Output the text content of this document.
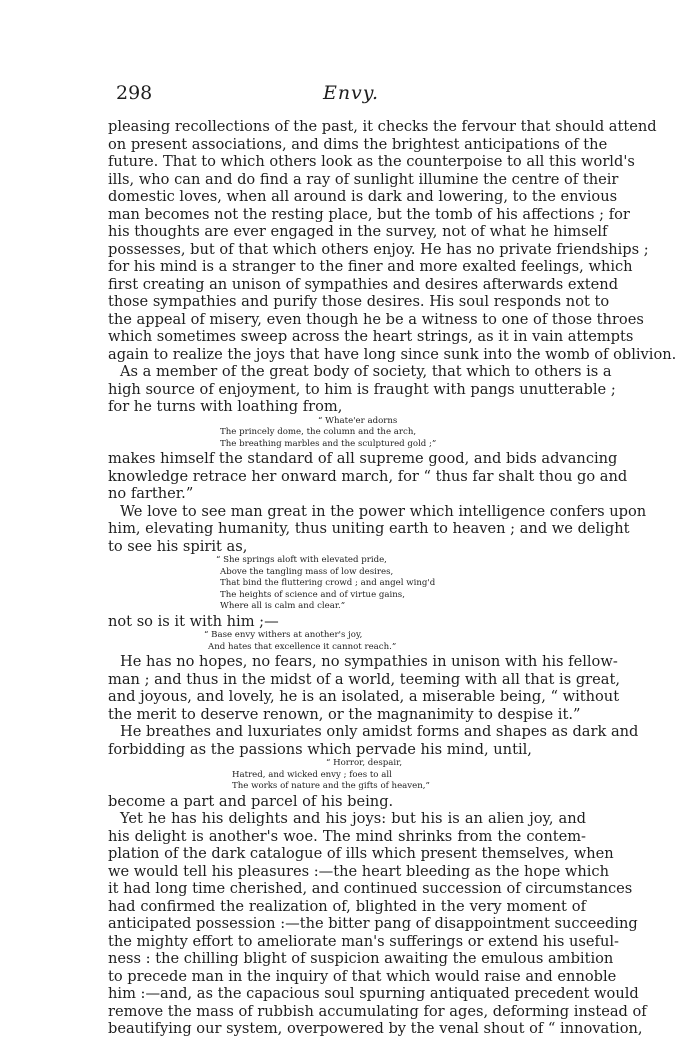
298	Envy.
pleasing recollections of the past, it checks the fervour that should attend
on present associations, and dims the brightest anticipations of the
future. That to which others look as the counterpoise to all this world's
ills, who can and do find a ray of sunlight illumine the centre of their
domestic loves, when all around is dark and lowering, to the envious
man becomes not the resting place, but the tomb of his affections ; for
his thoughts are ever engaged in the survey, not of what he himself
possesses, but of that which others enjoy. He has no private friendships ;
for his mind is a stranger to the finer and more exalted feelings, which
first creating an unison of sympathies and desires afterwards extend
those sympathies and purify those desires. His soul responds not to
the appeal of misery, even though he be a witness to one of those throes
which sometimes sweep across the heart strings, as it in vain attempts
again to realize the joys that have long since sunk into the womb of oblivion.
As a member of the great body of society, that which to others is a
high source of enjoyment, to him is fraught with pangs unutterable ;
for he turns with loathing from,
“ Whate'er adorns
The princely dome, the column and the arch,
The breathing marbles and the sculptured gold ;”
makes himself the standard of all supreme good, and bids advancing
knowledge retrace her onward march, for “ thus far shalt thou go and
no farther.”
We love to see man great in the power which intelligence confers upon
him, elevating humanity, thus uniting earth to heaven ; and we delight
to see his spirit as,
“ She springs aloft with elevated pride,
Above the tangling mass of low desires,
That bind the fluttering crowd ; and angel wing'd
The heights of science and of virtue gains,
Where all is calm and clear.”
not so is it with him ;—
“ Base envy withers at another's joy,
And hates that excellence it cannot reach.”
He has no hopes, no fears, no sympathies in unison with his fellow-
man ; and thus in the midst of a world, teeming with all that is great,
and joyous, and lovely, he is an isolated, a miserable being, “ without
the merit to deserve renown, or the magnanimity to despise it.”
He breathes and luxuriates only amidst forms and shapes as dark and
forbidding as the passions which pervade his mind, until,
“ Horror, despair,
Hatred, and wicked envy ; foes to all
The works of nature and the gifts of heaven,”
become a part and parcel of his being.
Yet he has his delights and his joys: but his is an alien joy, and
his delight is another's woe. The mind shrinks from the contem-
plation of the dark catalogue of ills which present themselves, when
we would tell his pleasures :—the heart bleeding as the hope which
it had long time cherished, and continued succession of circumstances
had confirmed the realization of, blighted in the very moment of
anticipated possession :—the bitter pang of disappointment succeeding
the mighty effort to ameliorate man's sufferings or extend his useful-
ness : the chilling blight of suspicion awaiting the emulous ambition
to precede man in the inquiry of that which would raise and ennoble
him :—and, as the capacious soul spurning antiquated precedent would
remove the mass of rubbish accumulating for ages, deforming instead of
beautifying our system, overpowered by the venal shout of “ innovation,
